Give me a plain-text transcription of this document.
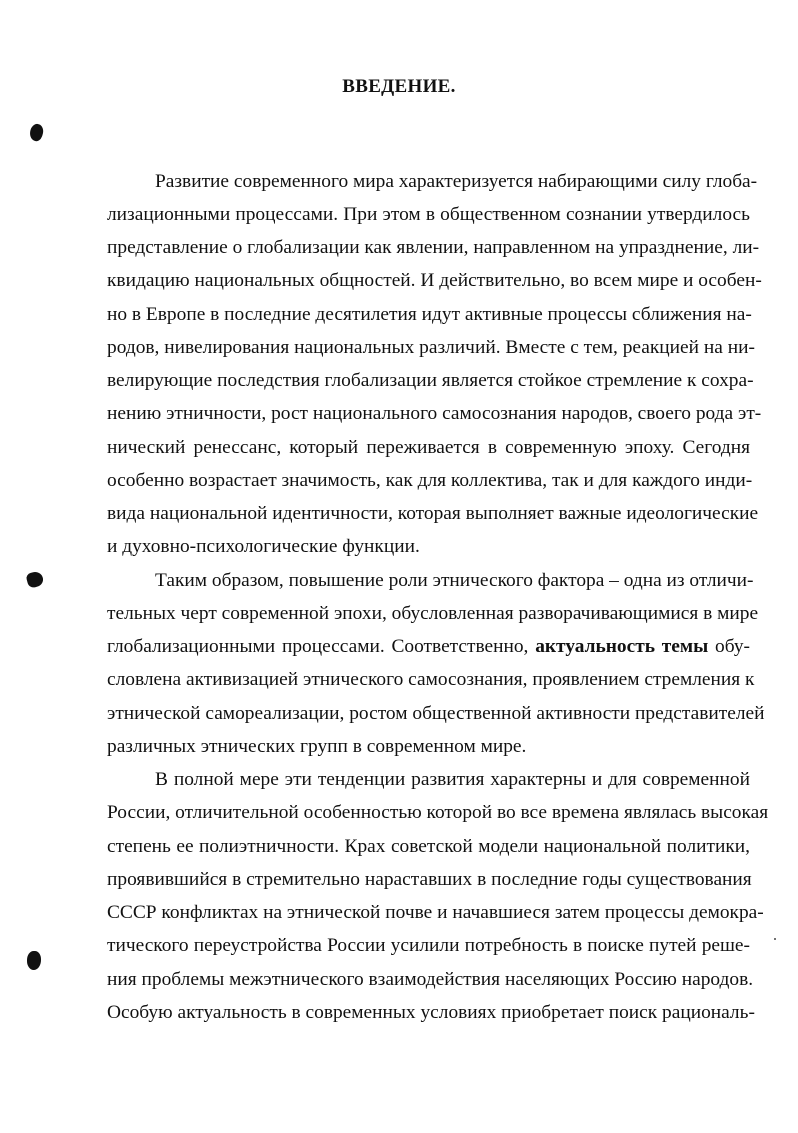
ВВЕДЕНИЕ.
Развитие современного мира характеризуется набирающими силу глоба-
лизационными процессами. При этом в общественном сознании утвердилось
представление о глобализации как явлении, направленном на упразднение, ли-
квидацию национальных общностей. И действительно, во всем мире и особен-
но в Европе в последние десятилетия идут активные процессы сближения на-
родов, нивелирования национальных различий. Вместе с тем, реакцией на ни-
велирующие последствия глобализации является стойкое стремление к сохра-
нению этничности, рост национального самосознания народов, своего рода эт-
нический ренессанс, который переживается в современную эпоху. Сегодня
особенно возрастает значимость, как для коллектива, так и для каждого инди-
вида национальной идентичности, которая выполняет важные идеологические
и духовно-психологические функции.
Таким образом, повышение роли этнического фактора – одна из отличи-
тельных черт современной эпохи, обусловленная разворачивающимися в мире
глобализационными процессами. Соответственно, актуальность темы обу-
словлена активизацией этнического самосознания, проявлением стремления к
этнической самореализации, ростом общественной активности представителей
различных этнических групп в современном мире.
В полной мере эти тенденции развития характерны и для современной
России, отличительной особенностью которой во все времена являлась высокая
степень ее полиэтничности. Крах советской модели национальной политики,
проявившийся в стремительно нараставших в последние годы существования
СССР конфликтах на этнической почве и начавшиеся затем процессы демокра-
тического переустройства России усилили потребность в поиске путей реше-
ния проблемы межэтнического взаимодействия населяющих Россию народов.
Особую актуальность в современных условиях приобретает поиск рациональ-
